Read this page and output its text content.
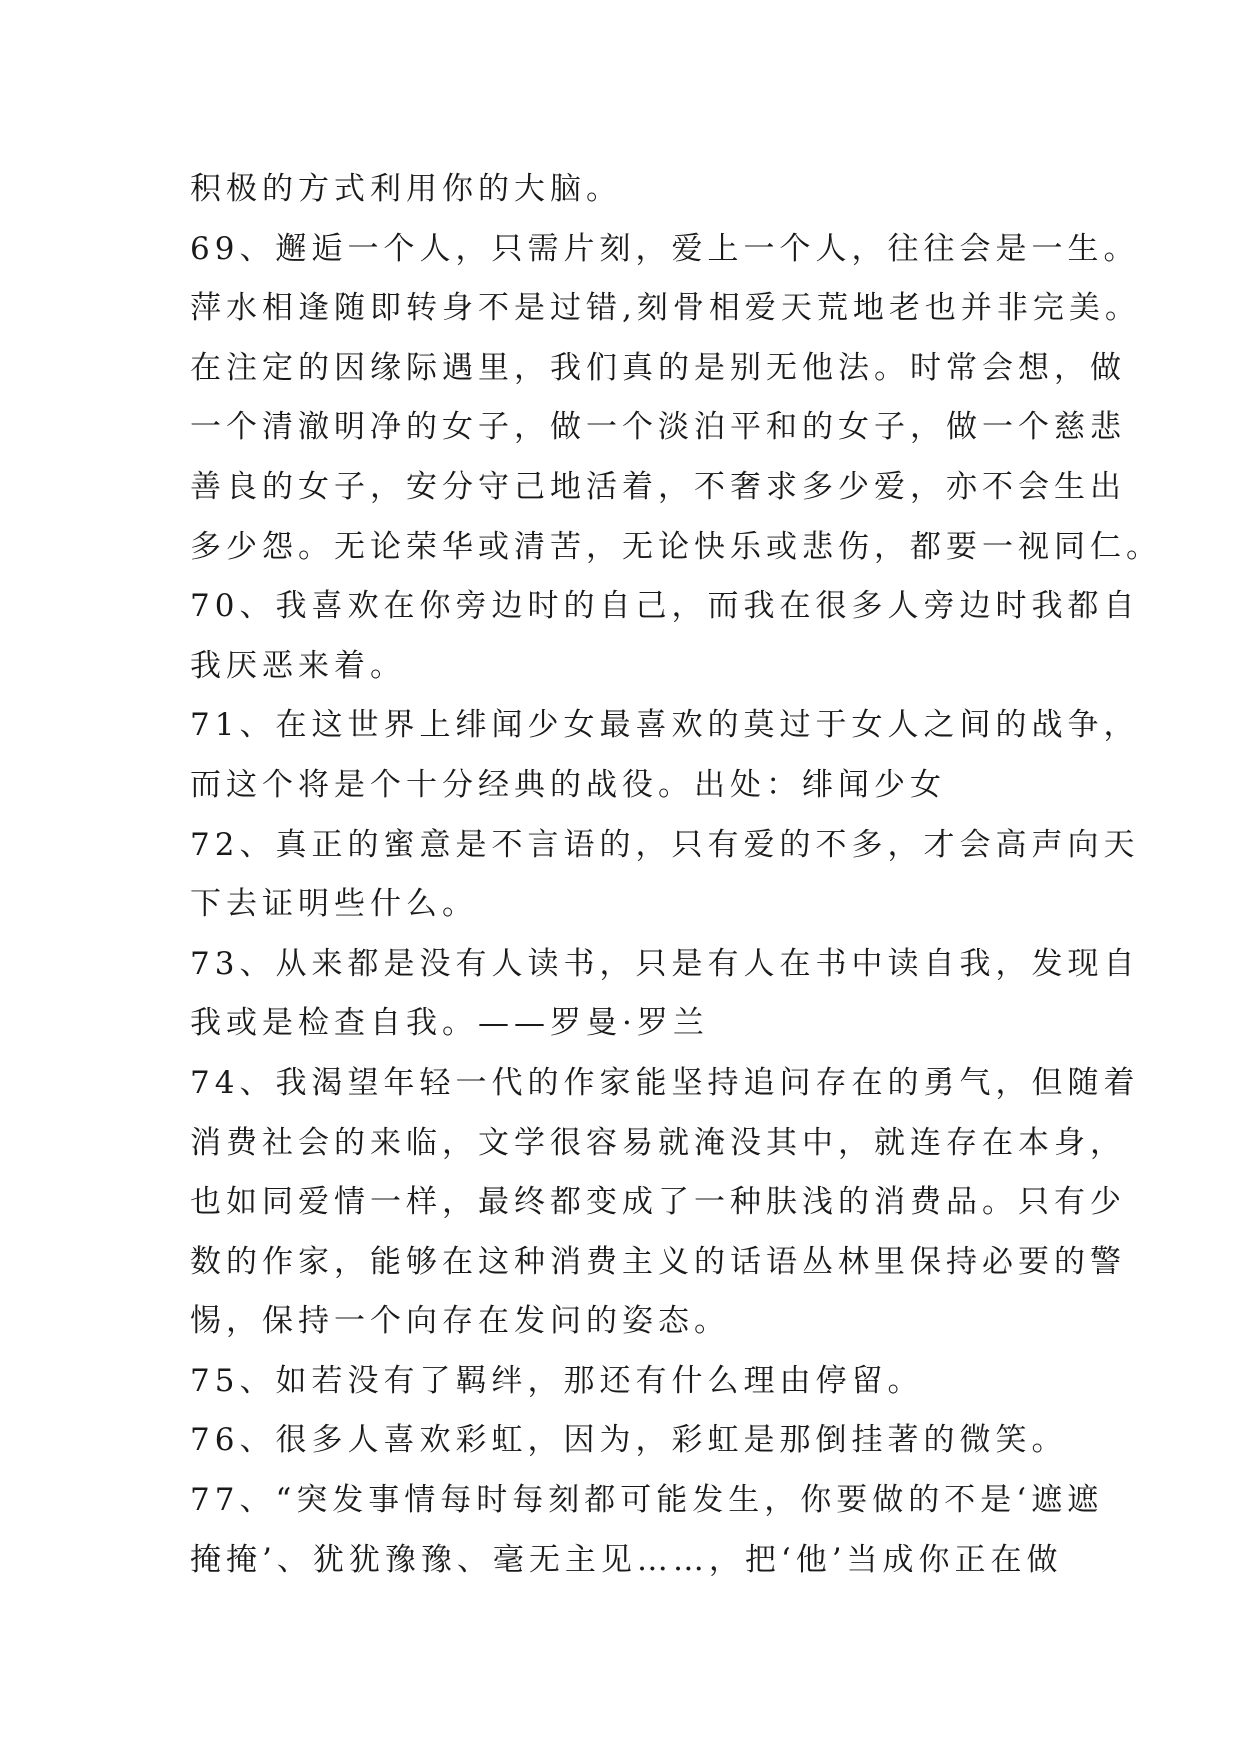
积极的方式利用你的大脑。
69、邂逅一个人，只需片刻，爱上一个人，往往会是一生。
萍水相逢随即转身不是过错,刻骨相爱天荒地老也并非完美。
在注定的因缘际遇里，我们真的是别无他法。时常会想，做
一个清澈明净的女子，做一个淡泊平和的女子，做一个慈悲
善良的女子，安分守己地活着，不奢求多少爱，亦不会生出
多少怨。无论荣华或清苦，无论快乐或悲伤，都要一视同仁。
70、我喜欢在你旁边时的自己，而我在很多人旁边时我都自
我厌恶来着。
71、在这世界上绯闻少女最喜欢的莫过于女人之间的战争，
而这个将是个十分经典的战役。出处：绯闻少女
72、真正的蜜意是不言语的，只有爱的不多，才会高声向天
下去证明些什么。
73、从来都是没有人读书，只是有人在书中读自我，发现自
我或是检查自我。——罗曼·罗兰
74、我渴望年轻一代的作家能坚持追问存在的勇气，但随着
消费社会的来临，文学很容易就淹没其中，就连存在本身，
也如同爱情一样，最终都变成了一种肤浅的消费品。只有少
数的作家，能够在这种消费主义的话语丛林里保持必要的警
惕，保持一个向存在发问的姿态。
75、如若没有了羁绊，那还有什么理由停留。
76、很多人喜欢彩虹，因为，彩虹是那倒挂著的微笑。
77、“突发事情每时每刻都可能发生，你要做的不是‘遮遮
掩掩’、犹犹豫豫、毫无主见……，把‘他’当成你正在做
